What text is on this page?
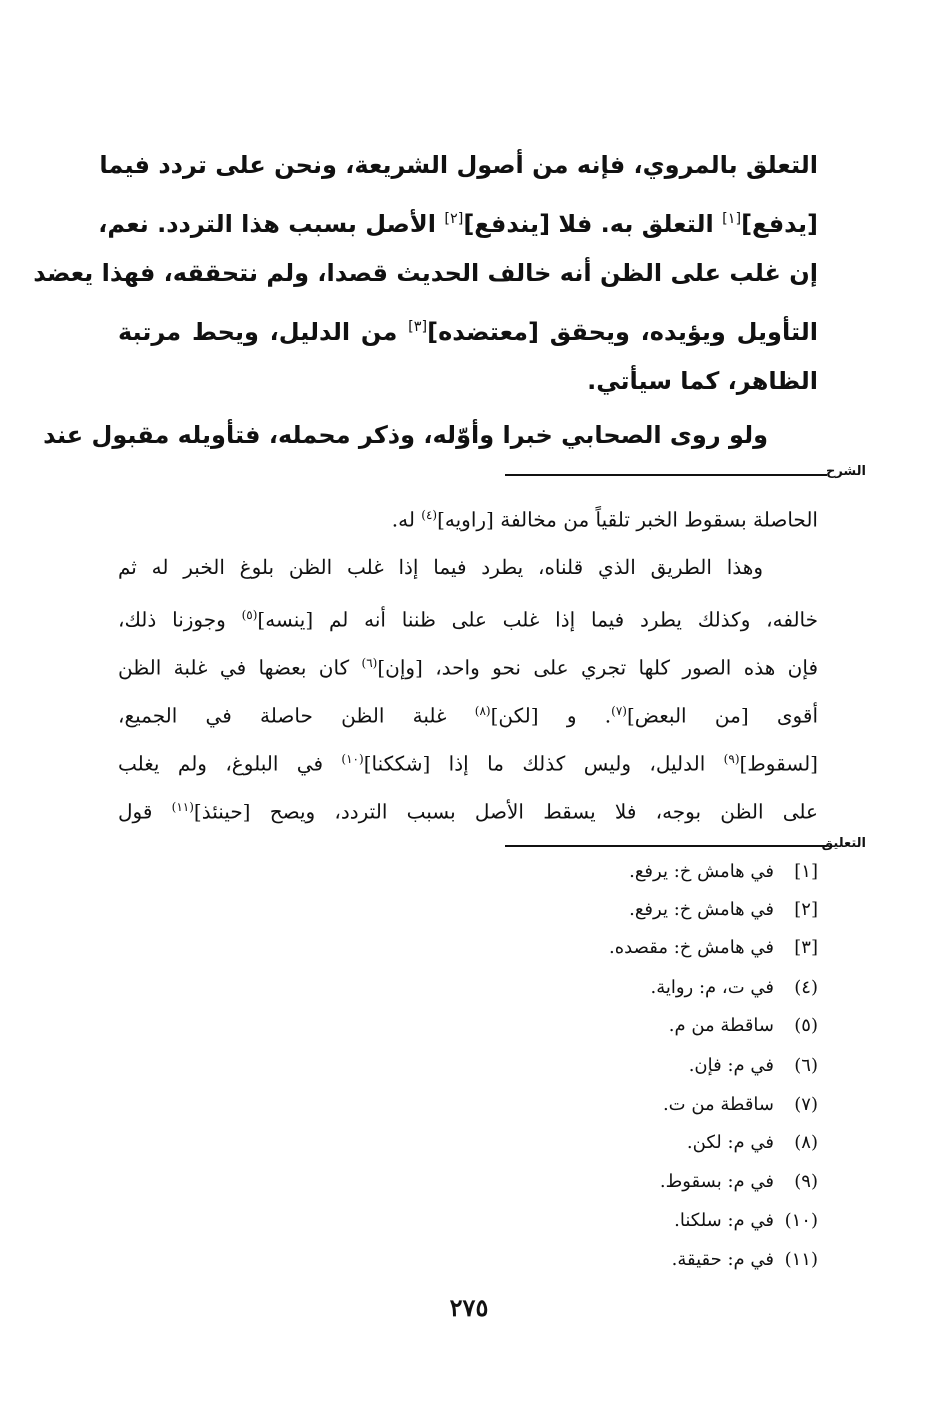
التعلق بالمروي، فإنه من أصول الشريعة، ونحن على تردد فيما
[يدفع][١] التعلق به. فلا [يندفع][٢] الأصل بسبب هذا التردد. نعم،
إن غلب على الظن أنه خالف الحديث قصدا، ولم نتحققه، فهذا يعضد
التأويل ويؤيده، ويحقق [معتضده][٣] من الدليل، ويحط مرتبة
الظاهر، كما سيأتي.
ولو روى الصحابي خبرا وأوّله، وذكر محمله، فتأويله مقبول عند
الشرح
الحاصلة بسقوط الخبر تلقياً من مخالفة [راويه]$^{(٤)}$ له.
وهذا الطريق الذي قلناه، يطرد فيما إذا غلب الظن بلوغ الخبر له ثم
خالفه، وكذلك يطرد فيما إذا غلب على ظننا أنه لم [ينسه]$^{(٥)}$ وجوزنا ذلك،
فإن هذه الصور كلها تجري على نحو واحد، [وإن]$^{(٦)}$ كان بعضها في غلبة الظن
أقوى [من البعض]$^{(٧)}$. و [لكن]$^{(٨)}$ غلبة الظن حاصلة في الجميع،
[لسقوط]$^{(٩)}$ الدليل، وليس كذلك ما إذا [شككنا]$^{(١٠)}$ في البلوغ، ولم يغلب
على الظن بوجه، فلا يسقط الأصل بسبب التردد، ويصح [حينئذ]$^{(١١)}$ قول
التعليق
[١]في هامش خ: يرفع.
[٢]في هامش خ: يرفع.
[٣]في هامش خ: مقصده.
(٤)في ت، م: رواية.
(٥)ساقطة من م.
(٦)في م: فإن.
(٧)ساقطة من ت.
(٨)في م: لكن.
(٩)في م: بسقوط.
(١٠)في م: سلكنا.
(١١)في م: حقيقة.
٢٧٥
